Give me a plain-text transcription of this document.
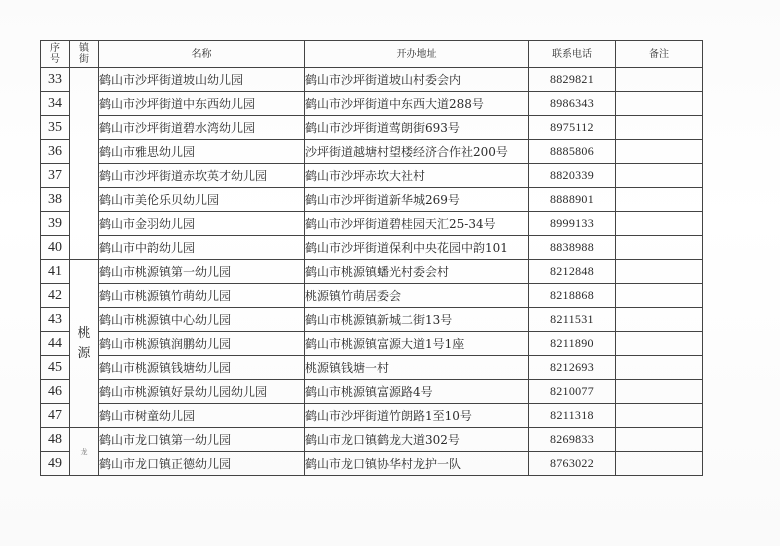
序号	镇街	名称	开办地址	联系电话	备注
33		鹤山市沙坪街道坡山幼儿园	鹤山市沙坪街道坡山村委会内	8829821	
34		鹤山市沙坪街道中东西幼儿园	鹤山市沙坪街道中东西大道288号	8986343	
35		鹤山市沙坪街道碧水湾幼儿园	鹤山市沙坪街道莺朗街693号	8975112	
36		鹤山市雅思幼儿园	沙坪街道越塘村望楼经济合作社200号	8885806	
37		鹤山市沙坪街道赤坎英才幼儿园	鹤山市沙坪赤坎大社村	8820339	
38		鹤山市美伦乐贝幼儿园	鹤山市沙坪街道新华城269号	8888901	
39		鹤山市金羽幼儿园	鹤山市沙坪街道碧桂园天汇25-34号	8999133	
40		鹤山市中韵幼儿园	鹤山市沙坪街道保利中央花园中韵101	8838988	
41	桃源	鹤山市桃源镇第一幼儿园	鹤山市桃源镇蟠光村委会村	8212848	
42		鹤山市桃源镇竹萌幼儿园	桃源镇竹萌居委会	8218868	
43		鹤山市桃源镇中心幼儿园	鹤山市桃源镇新城二街13号	8211531	
44		鹤山市桃源镇润鹏幼儿园	鹤山市桃源镇富源大道1号1座	8211890	
45		鹤山市桃源镇钱塘幼儿园	桃源镇钱塘一村	8212693	
46		鹤山市桃源镇好景幼儿园幼儿园	鹤山市桃源镇富源路4号	8210077	
47		鹤山市树童幼儿园	鹤山市沙坪街道竹朗路1至10号	8211318	
48	龙	鹤山市龙口镇第一幼儿园	鹤山市龙口镇鹤龙大道302号	8269833	
49		鹤山市龙口镇正德幼儿园	鹤山市龙口镇协华村龙护一队	8763022	
